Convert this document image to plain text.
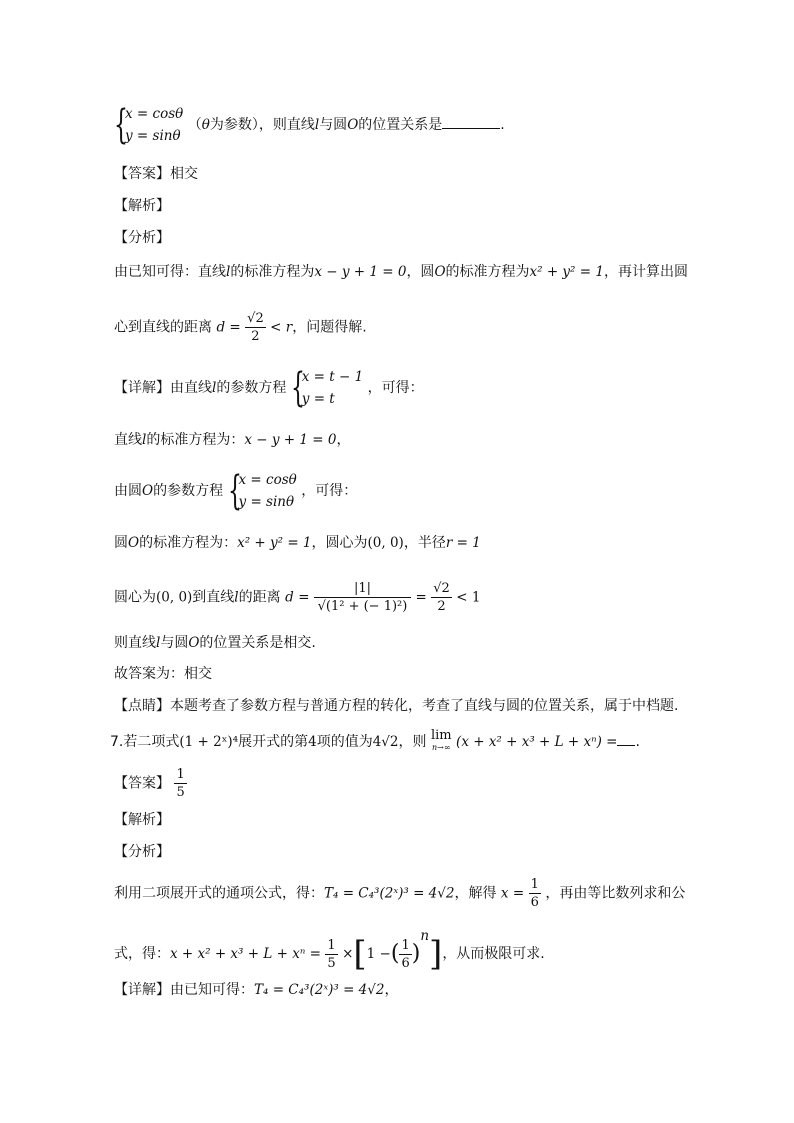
{
x = cosθ
y = sinθ （θ为参数），则直线l与圆O的位置关系是	.
【答案】相交
【解析】
【分析】
由已知可得：直线l的标准方程为x − y + 1 = 0，圆O的标准方程为x² + y² = 1，再计算出圆
心到直线的距离 $d = \frac{√2}{2} < r$，问题得解.
【详解】由直线l的参数方程 {
x = t − 1
y = t ，可得：
直线l的标准方程为：x − y + 1 = 0，
由圆O的参数方程 {
x = cosθ
y = sinθ ，可得：
圆O的标准方程为：x² + y² = 1，圆心为(0, 0)，半径r = 1
圆心为(0, 0)到直线l的距离 $d = \frac{|1|}{\text{√(1² + (− 1)²)}} = \frac{√2}{2} < 1$
则直线l与圆O的位置关系是相交.
故答案为：相交
【点睛】本题考查了参数方程与普通方程的转化，考查了直线与圆的位置关系，属于中档题.
7.若二项式(1 + 2ˣ)⁴展开式的第4项的值为4√2，则 lim
n→∞ (x + x² + x³ + L + xⁿ) = .
【答案】 $\frac{1}{5}$
【解析】
【分析】
利用二项展开式的通项公式，得：T₄ = C₄³(2ˣ)³ = 4√2，解得 $x = \frac{1}{6}$ ，再由等比数列求和公
式，得：$x + x^2 + x^3 + L + x^n = \frac{1}{5} \times[1$ −( $\frac{1}{6} )^n$]，从而极限可求.
【详解】由已知可得：T₄ = C₄³(2ˣ)³ = 4√2，
